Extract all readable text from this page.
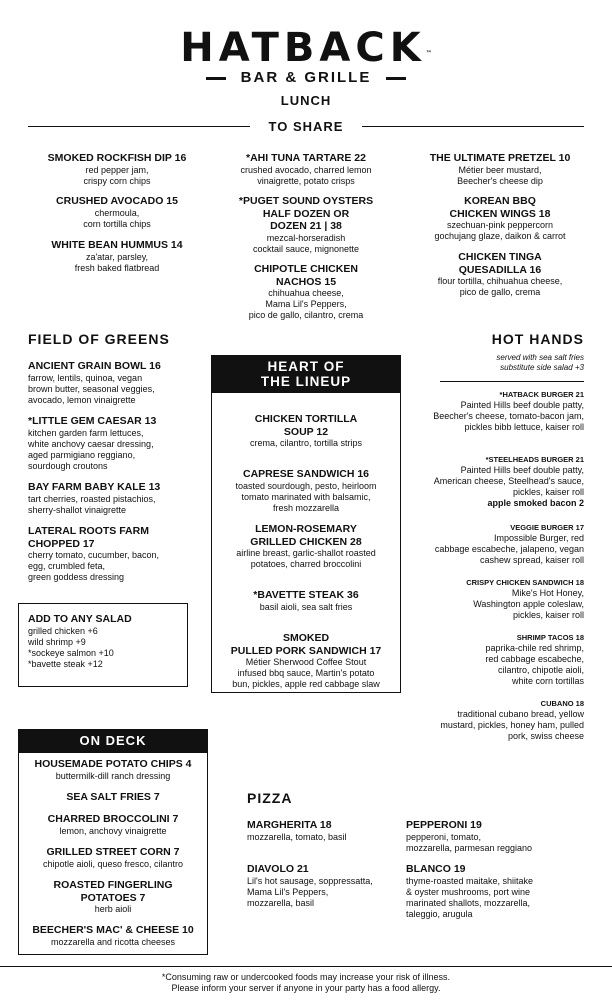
HATBACK™
BAR & GRILLE
LUNCH
TO SHARE
SMOKED ROCKFISH DIP 16
red pepper jam,
crispy corn chips
CRUSHED AVOCADO 15
chermoula,
corn tortilla chips
WHITE BEAN HUMMUS 14
za'atar, parsley,
fresh baked flatbread
*AHI TUNA TARTARE 22
crushed avocado, charred lemon
vinaigrette, potato crisps
*PUGET SOUND OYSTERS
HALF DOZEN OR
DOZEN 21 | 38
mezcal-horseradish
cocktail sauce, mignonette
CHIPOTLE CHICKEN
NACHOS 15
chihuahua cheese,
Mama Lil's Peppers,
pico de gallo, cilantro, crema
THE ULTIMATE PRETZEL 10
Métier beer mustard,
Beecher's cheese dip
KOREAN BBQ
CHICKEN WINGS 18
szechuan-pink peppercorn
gochujang glaze, daikon & carrot
CHICKEN TINGA
QUESADILLA 16
flour tortilla, chihuahua cheese,
pico de gallo, crema
FIELD OF GREENS
ANCIENT GRAIN BOWL 16
farrow, lentils, quinoa, vegan
brown butter, seasonal veggies,
avocado, lemon vinaigrette
*LITTLE GEM CAESAR 13
kitchen garden farm lettuces,
white anchovy caesar dressing,
aged parmigiano reggiano,
sourdough croutons
BAY FARM BABY KALE 13
tart cherries, roasted pistachios,
sherry-shallot vinaigrette
LATERAL ROOTS FARM
CHOPPED 17
cherry tomato, cucumber, bacon,
egg, crumbled feta,
green goddess dressing
ADD TO ANY SALAD
grilled chicken +6
wild shrimp +9
*sockeye salmon +10
*bavette steak +12
HEART OF
THE LINEUP
CHICKEN TORTILLA
SOUP 12
crema, cilantro, tortilla strips
CAPRESE SANDWICH 16
toasted sourdough, pesto, heirloom
tomato marinated with balsamic,
fresh mozzarella
LEMON-ROSEMARY
GRILLED CHICKEN 28
airline breast, garlic-shallot roasted
potatoes, charred broccolini
*BAVETTE STEAK 36
basil aioli, sea salt fries
SMOKED
PULLED PORK SANDWICH 17
Métier Sherwood Coffee Stout
infused bbq sauce, Martin's potato
bun, pickles, apple red cabbage slaw
HOT HANDS
served with sea salt fries
substitute side salad +3
*HATBACK BURGER 21
Painted Hills beef double patty,
Beecher's cheese, tomato-bacon jam,
pickles bibb lettuce, kaiser roll
*STEELHEADS BURGER 21
Painted Hills beef double patty,
American cheese, Steelhead's sauce,
pickles, kaiser roll
apple smoked bacon 2
VEGGIE BURGER 17
Impossible Burger, red
cabbage escabeche, jalapeno, vegan
cashew spread, kaiser roll
CRISPY CHICKEN SANDWICH 18
Mike's Hot Honey,
Washington apple coleslaw,
pickles, kaiser roll
SHRIMP TACOS 18
paprika-chile red shrimp,
red cabbage escabeche,
cilantro, chipotle aioli,
white corn tortillas
CUBANO 18
traditional cubano bread, yellow
mustard, pickles, honey ham, pulled
pork, swiss cheese
ON DECK
HOUSEMADE POTATO CHIPS 4
buttermilk-dill ranch dressing
SEA SALT FRIES 7
CHARRED BROCCOLINI 7
lemon, anchovy vinaigrette
GRILLED STREET CORN 7
chipotle aioli, queso fresco, cilantro
ROASTED FINGERLING
POTATOES 7
herb aioli
BEECHER'S MAC' & CHEESE 10
mozzarella and ricotta cheeses
PIZZA
MARGHERITA 18
mozzarella, tomato, basil
PEPPERONI 19
pepperoni, tomato,
mozzarella, parmesan reggiano
DIAVOLO 21
Lil's hot sausage, soppressatta,
Mama Lil's Peppers,
mozzarella, basil
BLANCO 19
thyme-roasted maitake, shiitake
& oyster mushrooms, port wine
marinated shallots, mozzarella,
taleggio, arugula
*Consuming raw or undercooked foods may increase your risk of illness.
Please inform your server if anyone in your party has a food allergy.
